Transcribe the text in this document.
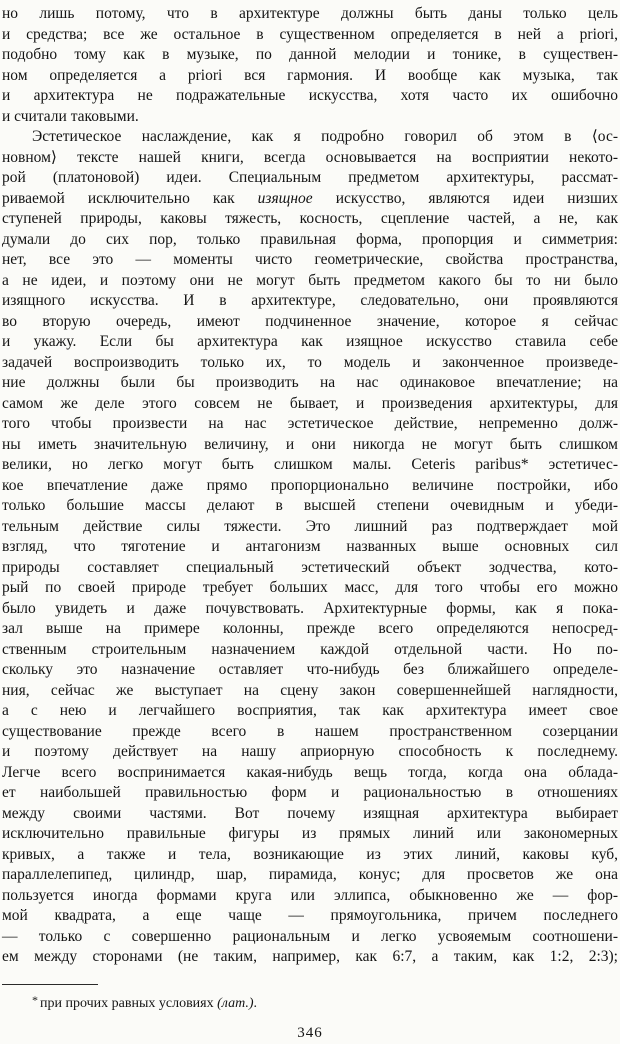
но лишь потому, что в архитектуре должны быть даны только цель
и средства; все же остальное в существенном определяется в ней a priori,
подобно тому как в музыке, по данной мелодии и тонике, в существен-
ном определяется a priori вся гармония. И вообще как музыка, так
и архитектура не подражательные искусства, хотя часто их ошибочно
и считали таковыми.
Эстетическое наслаждение, как я подробно говорил об этом в ⟨ос-
новном⟩ тексте нашей книги, всегда основывается на восприятии некото-
рой (платоновой) идеи. Специальным предметом архитектуры, рассмат-
риваемой исключительно как изящное искусство, являются идеи низших
ступеней природы, каковы тяжесть, косность, сцепление частей, а не, как
думали до сих пор, только правильная форма, пропорция и симметрия:
нет, все это — моменты чисто геометрические, свойства пространства,
а не идеи, и поэтому они не могут быть предметом какого бы то ни было
изящного искусства. И в архитектуре, следовательно, они проявляются
во вторую очередь, имеют подчиненное значение, которое я сейчас
и укажу. Если бы архитектура как изящное искусство ставила себе
задачей воспроизводить только их, то модель и законченное произведе-
ние должны были бы производить на нас одинаковое впечатление; на
самом же деле этого совсем не бывает, и произведения архитектуры, для
того чтобы произвести на нас эстетическое действие, непременно долж-
ны иметь значительную величину, и они никогда не могут быть слишком
велики, но легко могут быть слишком малы. Ceteris paribus* эстетичес-
кое впечатление даже прямо пропорционально величине постройки, ибо
только большие массы делают в высшей степени очевидным и убеди-
тельным действие силы тяжести. Это лишний раз подтверждает мой
взгляд, что тяготение и антагонизм названных выше основных сил
природы составляет специальный эстетический объект зодчества, кото-
рый по своей природе требует больших масс, для того чтобы его можно
было увидеть и даже почувствовать. Архитектурные формы, как я пока-
зал выше на примере колонны, прежде всего определяются непосред-
ственным строительным назначением каждой отдельной части. Но по-
скольку это назначение оставляет что-нибудь без ближайшего определе-
ния, сейчас же выступает на сцену закон совершеннейшей наглядности,
а с нею и легчайшего восприятия, так как архитектура имеет свое
существование прежде всего в нашем пространственном созерцании
и поэтому действует на нашу априорную способность к последнему.
Легче всего воспринимается какая-нибудь вещь тогда, когда она облада-
ет наибольшей правильностью форм и рациональностью в отношениях
между своими частями. Вот почему изящная архитектура выбирает
исключительно правильные фигуры из прямых линий или закономерных
кривых, а также и тела, возникающие из этих линий, каковы куб,
параллелепипед, цилиндр, шар, пирамида, конус; для просветов же она
пользуется иногда формами круга или эллипса, обыкновенно же — фор-
мой квадрата, а еще чаще — прямоугольника, причем последнего
— только с совершенно рациональным и легко усвояемым соотношени-
ем между сторонами (не таким, например, как 6:7, а таким, как 1:2, 2:3);
* при прочих равных условиях (лат.).
346
